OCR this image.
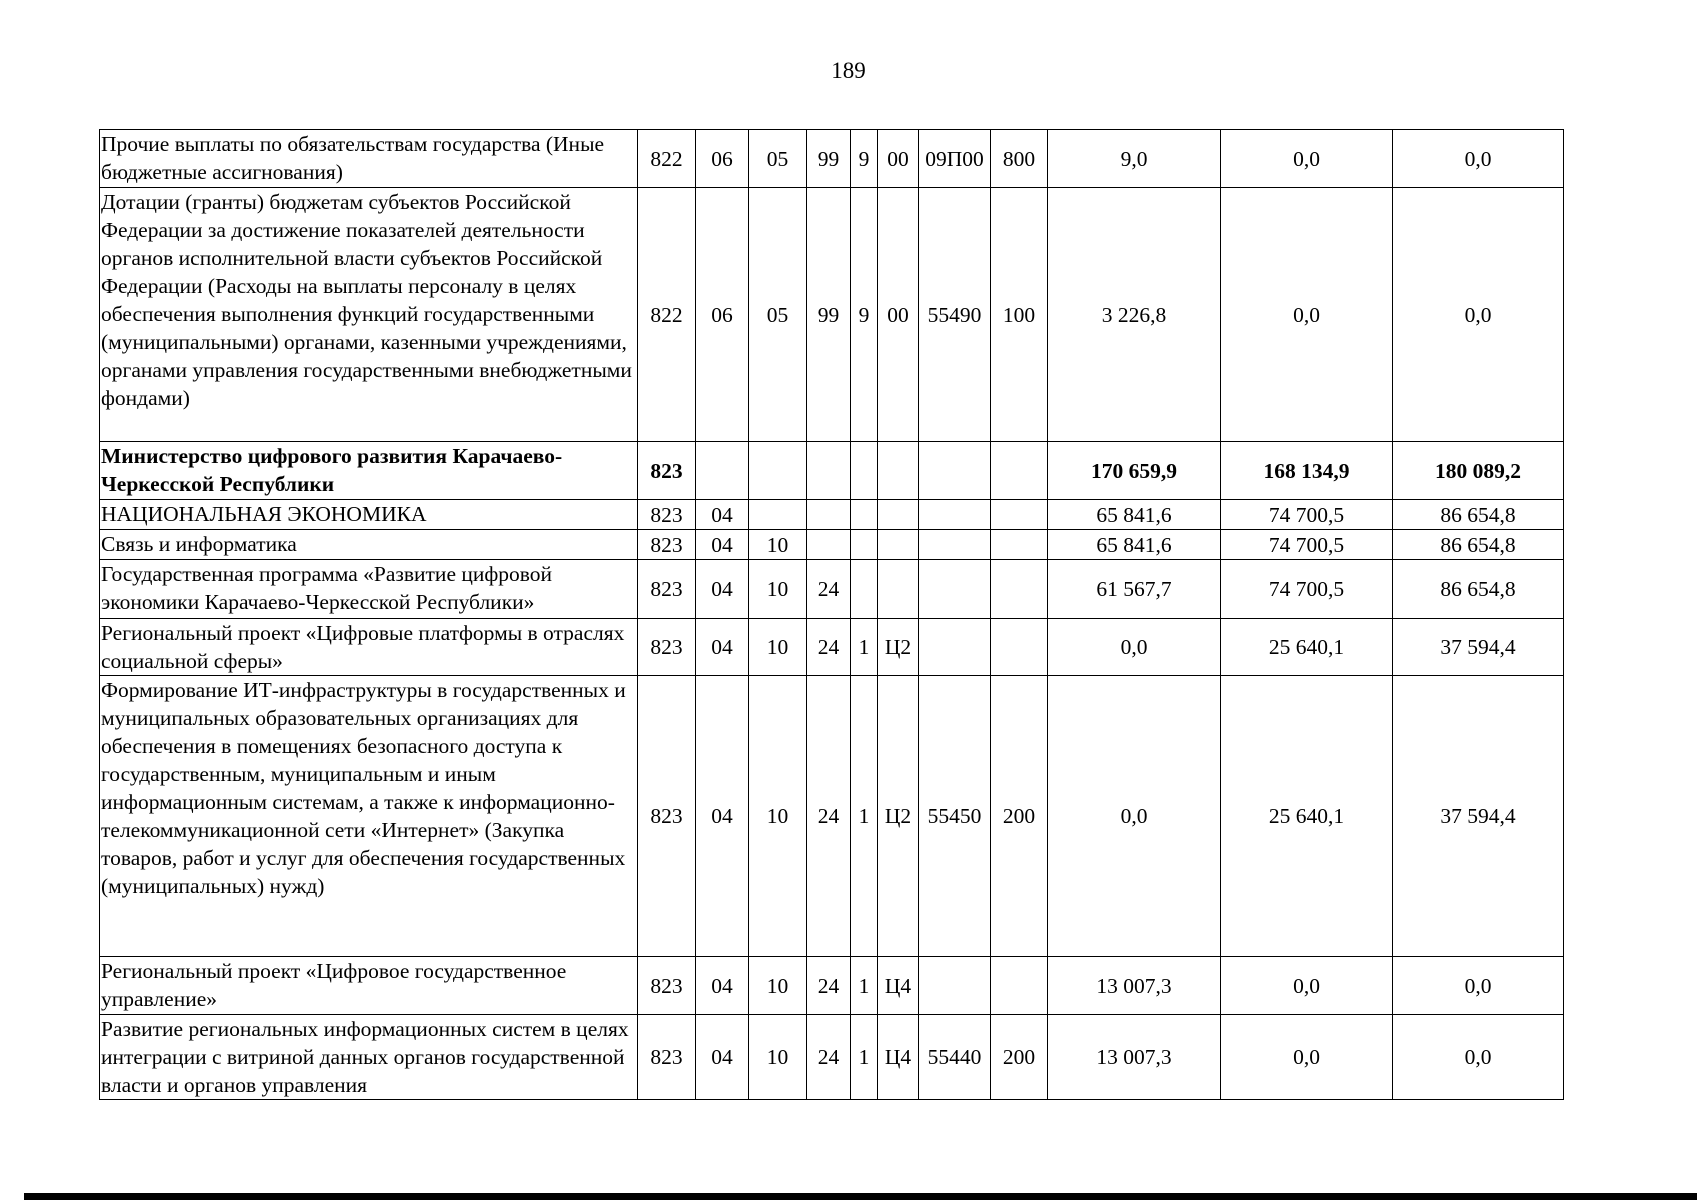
189
Прочие выплаты по обязательствам государства (Иные бюджетные ассигнования)	822	06	05	99	9	00	09П00	800	9,0	0,0	0,0
Дотации (гранты) бюджетам субъектов Российской Федерации за достижение показателей деятельности органов исполнительной власти субъектов Российской Федерации (Расходы на выплаты персоналу в целях обеспечения выполнения функций государственными (муниципальными) органами, казенными учреждениями, органами управления государственными внебюджетными фондами)	822	06	05	99	9	00	55490	100	3 226,8	0,0	0,0
Министерство цифрового развития Карачаево-Черкесской Республики	823								170 659,9	168 134,9	180 089,2
НАЦИОНАЛЬНАЯ ЭКОНОМИКА	823	04							65 841,6	74 700,5	86 654,8
Связь и информатика	823	04	10						65 841,6	74 700,5	86 654,8
Государственная программа «Развитие цифровой экономики Карачаево-Черкесской Республики»	823	04	10	24					61 567,7	74 700,5	86 654,8
Региональный проект «Цифровые платформы в отраслях социальной сферы»	823	04	10	24	1	Ц2			0,0	25 640,1	37 594,4
Формирование ИТ-инфраструктуры в государственных и муниципальных образовательных организациях для обеспечения в помещениях безопасного доступа к государственным, муниципальным и иным информационным системам, а также к информационно-телекоммуникационной сети «Интернет» (Закупка товаров, работ и услуг для обеспечения государственных (муниципальных) нужд)	823	04	10	24	1	Ц2	55450	200	0,0	25 640,1	37 594,4
Региональный проект «Цифровое государственное управление»	823	04	10	24	1	Ц4			13 007,3	0,0	0,0
Развитие региональных информационных систем в целях интеграции с витриной данных органов государственной власти и органов управления	823	04	10	24	1	Ц4	55440	200	13 007,3	0,0	0,0
